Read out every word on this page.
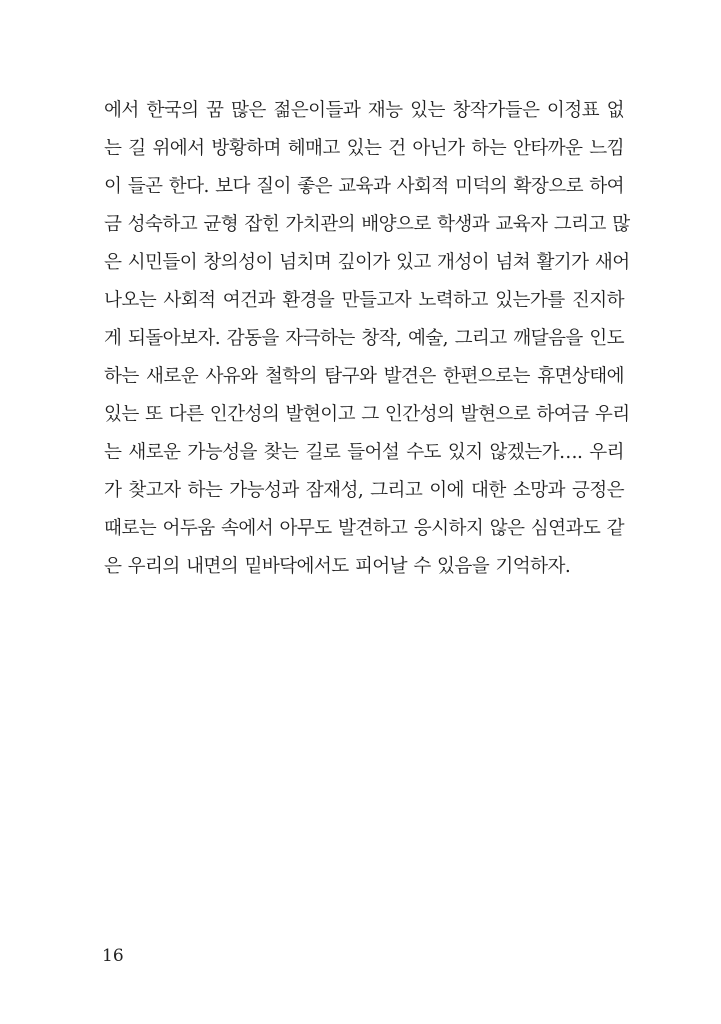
에서 한국의 꿈 많은 젊은이들과 재능 있는 창작가들은 이정표 없
는 길 위에서 방황하며 헤매고 있는 건 아닌가 하는 안타까운 느낌
이 들곤 한다. 보다 질이 좋은 교육과 사회적 미덕의 확장으로 하여
금 성숙하고 균형 잡힌 가치관의 배양으로 학생과 교육자 그리고 많
은 시민들이 창의성이 넘치며 깊이가 있고 개성이 넘쳐 활기가 새어
나오는 사회적 여건과 환경을 만들고자 노력하고 있는가를 진지하
게 되돌아보자. 감동을 자극하는 창작, 예술, 그리고 깨달음을 인도
하는 새로운 사유와 철학의 탐구와 발견은 한편으로는 휴면상태에
있는 또 다른 인간성의 발현이고 그 인간성의 발현으로 하여금 우리
는 새로운 가능성을 찾는 길로 들어설 수도 있지 않겠는가…. 우리
가 찾고자 하는 가능성과 잠재성, 그리고 이에 대한 소망과 긍정은
때로는 어두움 속에서 아무도 발견하고 응시하지 않은 심연과도 같
은 우리의 내면의 밑바닥에서도 피어날 수 있음을 기억하자.
16
